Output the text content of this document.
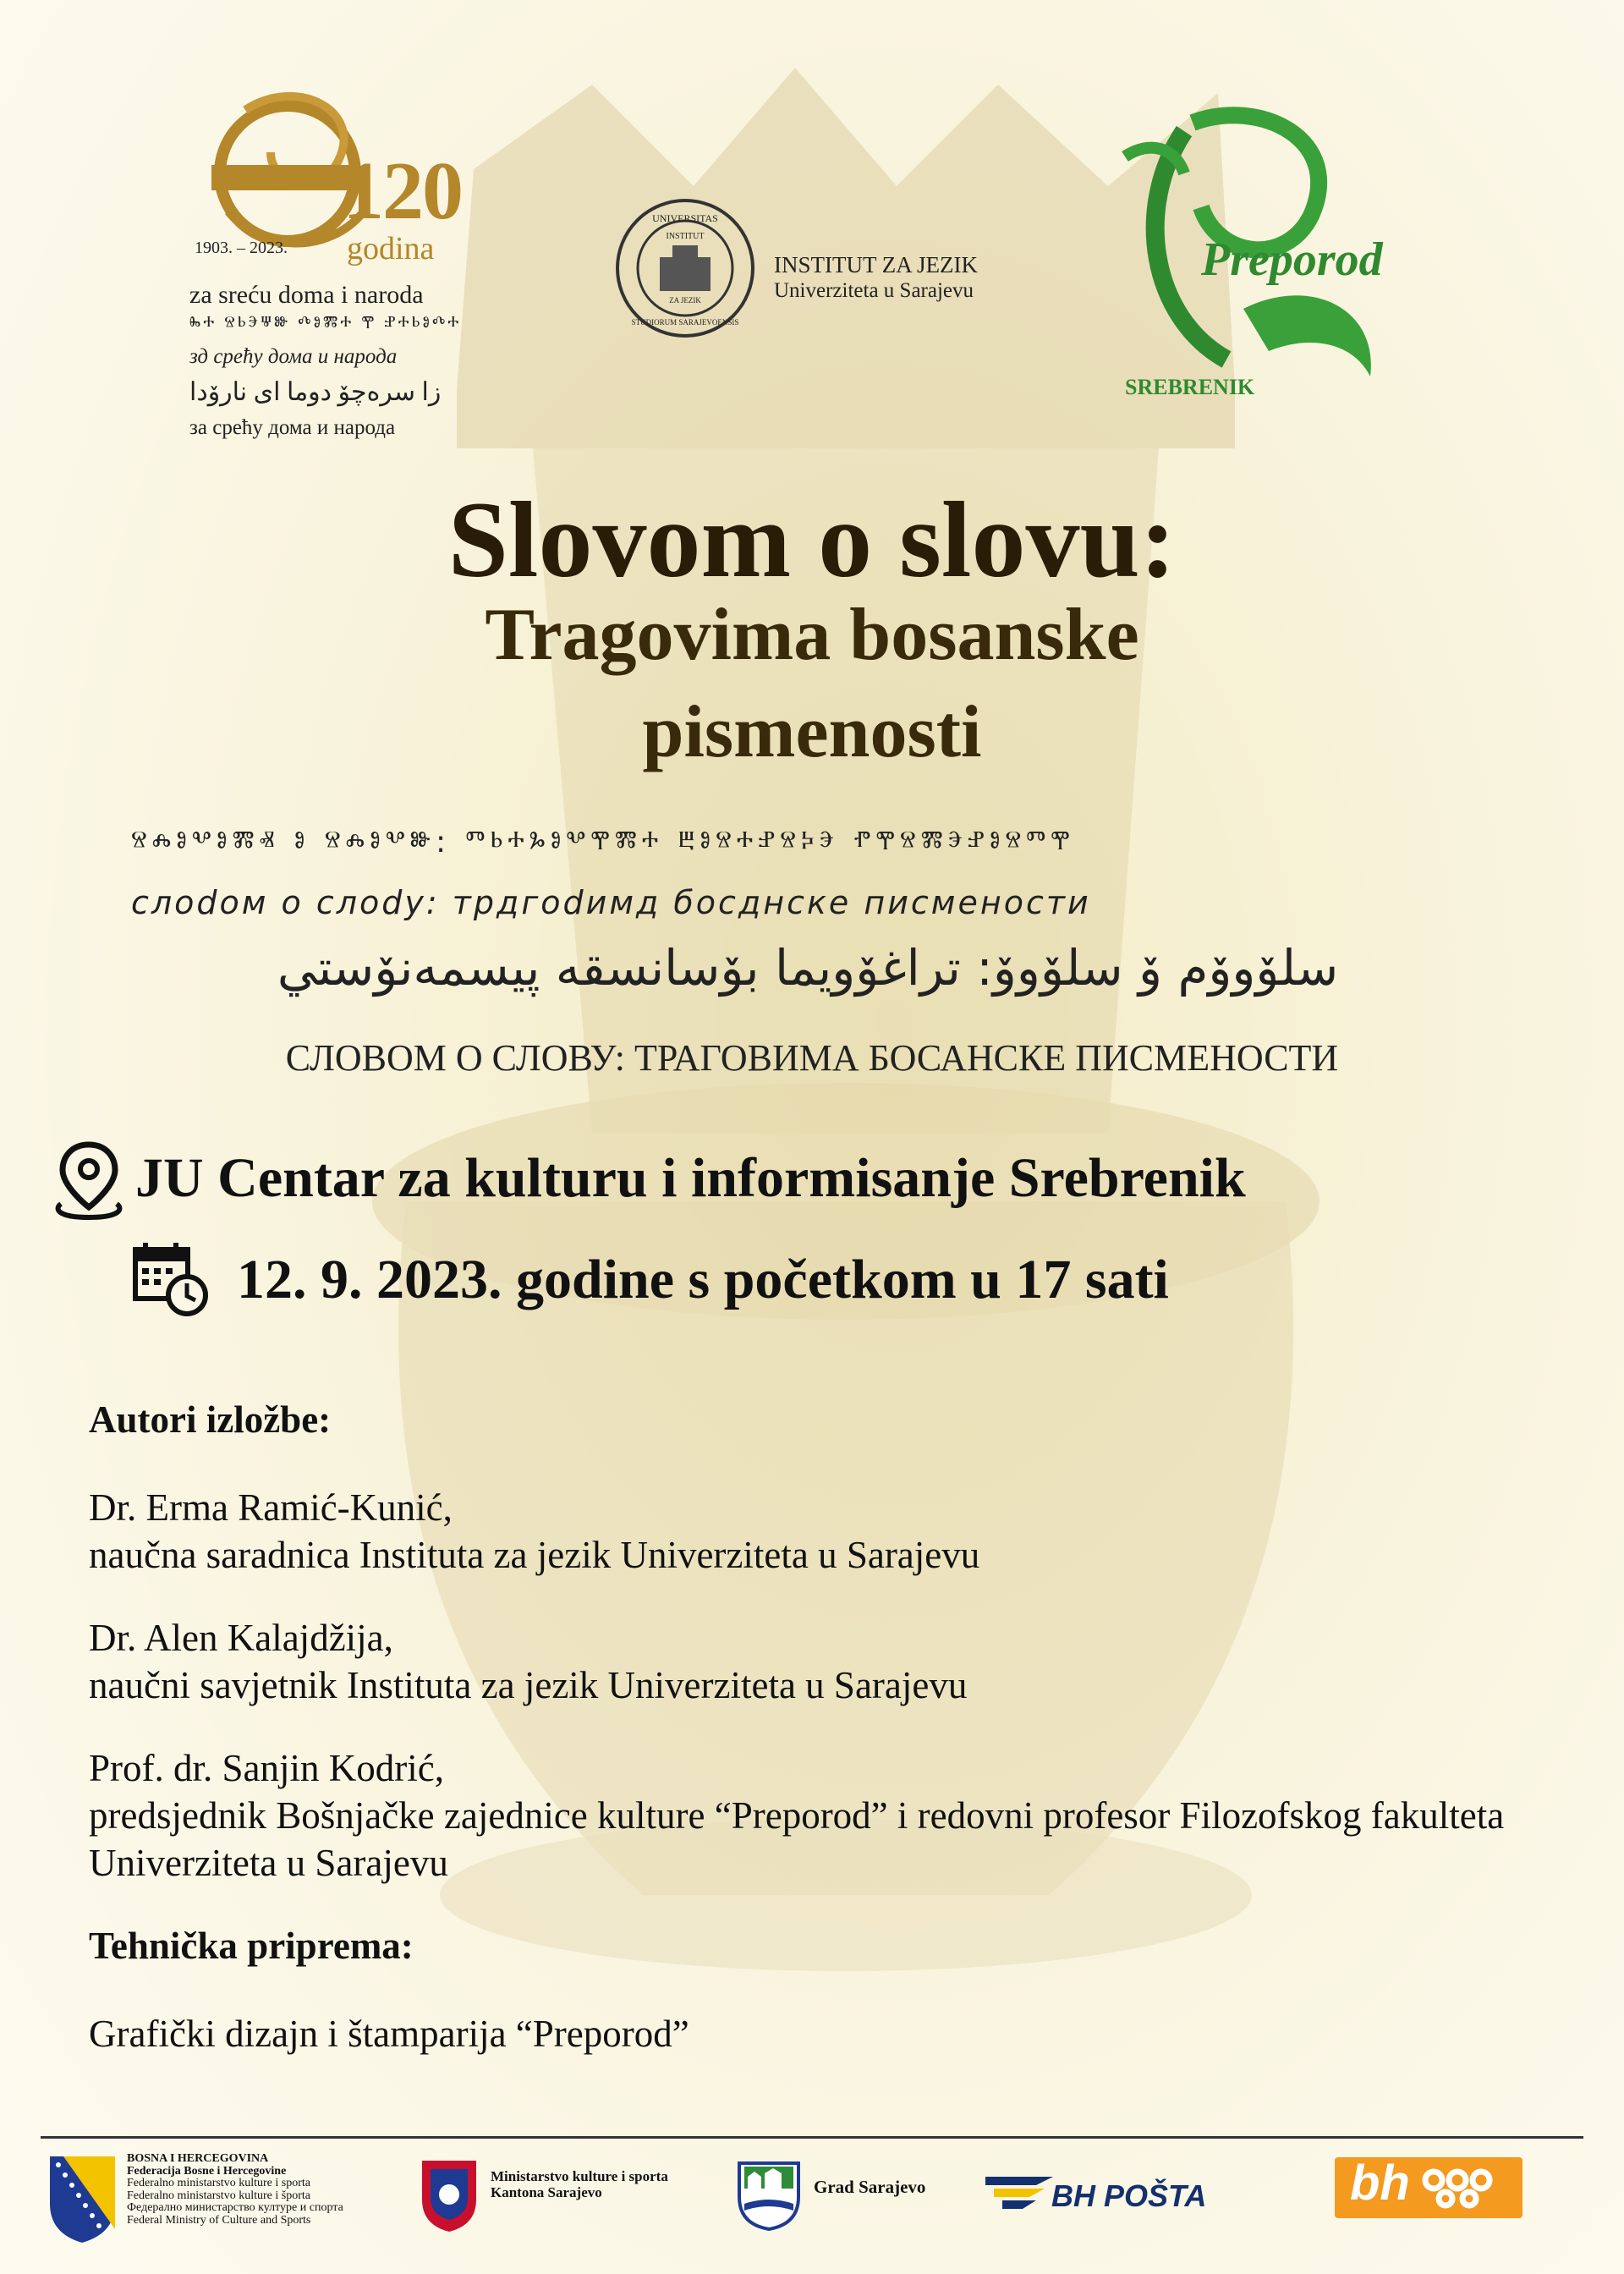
120
1903. – 2023. godina
za sreću doma i naroda
ⰸⰰ ⱄⱃⰵⱋⱆ ⰴⱁⰿⰰ ⰹ ⱀⰰⱃⱁⰴⰰ
зд срећу дома и народа
زا سرەچۆ دوما ای نارۆدا
за срећу дома и народа
UNIVERSITAS
INSTITUT
ZA JEZIK
STUDIORUM SARAJEVOENSIS
INSTITUT ZA JEZIK
Univerziteta u Sarajevu
Preporod
SREBRENIK
Slovom o slovu:
Tragovima bosanske
pismenosti
ⱄⰾⱁⰲⱁⰿⱏ ⱁ ⱄⰾⱁⰲⱆ: ⱅⱃⰰⰳⱁⰲⰹⰿⰰ ⰱⱁⱄⰰⱀⱄⰽⰵ ⱂⰹⱄⰿⰵⱀⱁⱄⱅⰹ
слоdом о слоdу: трдгоdимд босднске писмености
سلۆوۆم ۆ سلۆوۆ: تراغۆويما بۆسانسقە پيسمەنۆستي
СЛОВОМ О СЛОВУ: ТРАГОВИМА БОСАНСКЕ ПИСМЕНОСТИ
JU Centar za kulturu i informisanje Srebrenik
12. 9. 2023. godine s početkom u 17 sati
Autori izložbe:
Dr. Erma Ramić-Kunić,
naučna saradnica Instituta za jezik Univerziteta u Sarajevu
Dr. Alen Kalajdžija,
naučni savjetnik Instituta za jezik Univerziteta u Sarajevu
Prof. dr. Sanjin Kodrić,
predsjednik Bošnjačke zajednice kulture “Preporod” i redovni profesor Filozofskog fakulteta Univerziteta u Sarajevu
Tehnička priprema:
Grafički dizajn i štamparija “Preporod”
BOSNA I HERCEGOVINA
Federacija Bosne i Hercegovine
Federalno ministarstvo kulture i sporta
Federalno ministarstvo kulture i športa
Федерално министарство културе и спорта
Federal Ministry of Culture and Sports
Ministarstvo kulture i sporta
Kantona Sarajevo	Grad Sarajevo	BH POŠTA	bh
